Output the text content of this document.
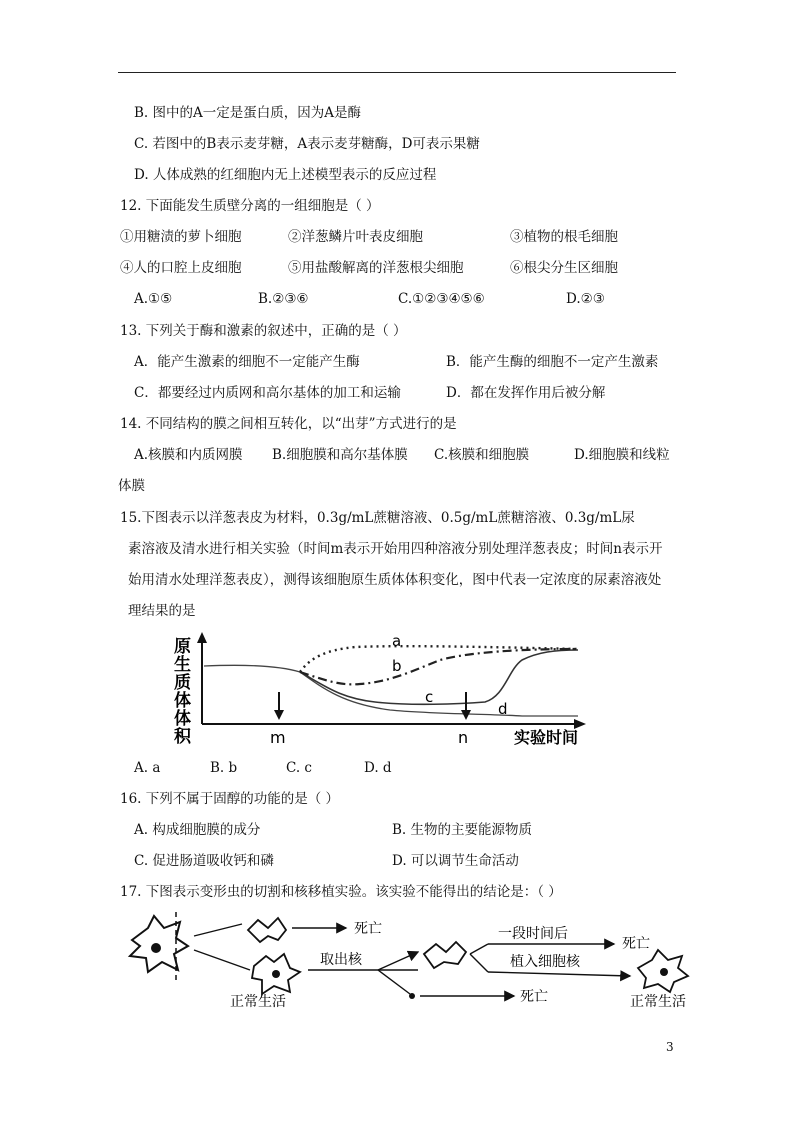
B. 图中的A一定是蛋白质，因为A是酶
C. 若图中的B表示麦芽糖，A表示麦芽糖酶，D可表示果糖
D. 人体成熟的红细胞内无上述模型表示的反应过程
12. 下面能发生质壁分离的一组细胞是（ ）
①用糖渍的萝卜细胞	②洋葱鳞片叶表皮细胞	③植物的根毛细胞
④人的口腔上皮细胞	⑤用盐酸解离的洋葱根尖细胞	⑥根尖分生区细胞
A.①⑤	B.②③⑥	C.①②③④⑤⑥	D.②③
13. 下列关于酶和激素的叙述中，正确的是（ ）
A．能产生激素的细胞不一定能产生酶	B．能产生酶的细胞不一定产生激素
C．都要经过内质网和高尔基体的加工和运输	D．都在发挥作用后被分解
14. 不同结构的膜之间相互转化，以“出芽”方式进行的是
A.核膜和内质网膜 B.细胞膜和高尔基体膜 C.核膜和细胞膜	D.细胞膜和线粒
体膜
15.下图表示以洋葱表皮为材料，0.3g/mL蔗糖溶液、0.5g/mL蔗糖溶液、0.3g/mL尿
素溶液及清水进行相关实验（时间m表示开始用四种溶液分别处理洋葱表皮；时间n表示开
始用清水处理洋葱表皮），测得该细胞原生质体体积变化，图中代表一定浓度的尿素溶液处
理结果的是
原
生
质
体
体
积
a
b
c
d
m	n	实验时间
A. a	B. b	C. c	D. d
16. 下列不属于固醇的功能的是（ ）
A. 构成细胞膜的成分	B. 生物的主要能源物质
C. 促进肠道吸收钙和磷	D. 可以调节生命活动
17. 下图表示变形虫的切割和核移植实验。该实验不能得出的结论是：（ ）
死亡
正常生活
取出核
死亡
一段时间后
死亡
植入细胞核
正常生活
3
